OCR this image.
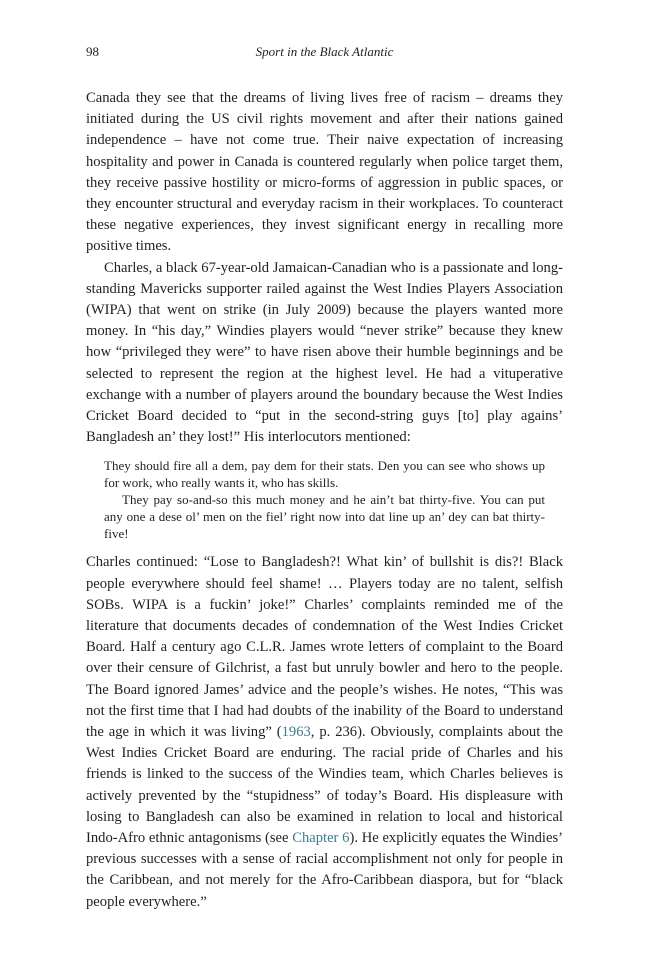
98	Sport in the Black Atlantic

Canada they see that the dreams of living lives free of racism – dreams they initiated during the US civil rights movement and after their nations gained independence – have not come true. Their naive expectation of increasing hospitality and power in Canada is countered regularly when police target them, they receive passive hostility or micro-forms of aggression in public spaces, or they encounter structural and everyday racism in their workplaces. To counteract these negative experiences, they invest significant energy in recalling more positive times.

Charles, a black 67-year-old Jamaican-Canadian who is a passionate and long-standing Mavericks supporter railed against the West Indies Players Association (WIPA) that went on strike (in July 2009) because the players wanted more money. In “his day,” Windies players would “never strike” because they knew how “privileged they were” to have risen above their humble beginnings and be selected to represent the region at the highest level. He had a vituperative exchange with a number of players around the boundary because the West Indies Cricket Board decided to “put in the second-string guys [to] play agains’ Bangladesh an’ they lost!” His interlocutors mentioned:

They should fire all a dem, pay dem for their stats. Den you can see who shows up for work, who really wants it, who has skills.

They pay so-and-so this much money and he ain’t bat thirty-five. You can put any one a dese ol’ men on the fiel’ right now into dat line up an’ dey can bat thirty-five!

Charles continued: “Lose to Bangladesh?! What kin’ of bullshit is dis?! Black people everywhere should feel shame! … Players today are no talent, selfish SOBs. WIPA is a fuckin’ joke!” Charles’ complaints reminded me of the literature that documents decades of condemnation of the West Indies Cricket Board. Half a century ago C.L.R. James wrote letters of complaint to the Board over their censure of Gilchrist, a fast but unruly bowler and hero to the people. The Board ignored James’ advice and the people’s wishes. He notes, “This was not the first time that I had had doubts of the inability of the Board to understand the age in which it was living” (1963, p. 236). Obviously, complaints about the West Indies Cricket Board are enduring. The racial pride of Charles and his friends is linked to the success of the Windies team, which Charles believes is actively prevented by the “stupidness” of today’s Board. His displeasure with losing to Bangladesh can also be examined in relation to local and historical Indo-Afro ethnic antagonisms (see Chapter 6). He explicitly equates the Windies’ previous successes with a sense of racial accomplishment not only for people in the Caribbean, and not merely for the Afro-Caribbean diaspora, but for “black people everywhere.”
